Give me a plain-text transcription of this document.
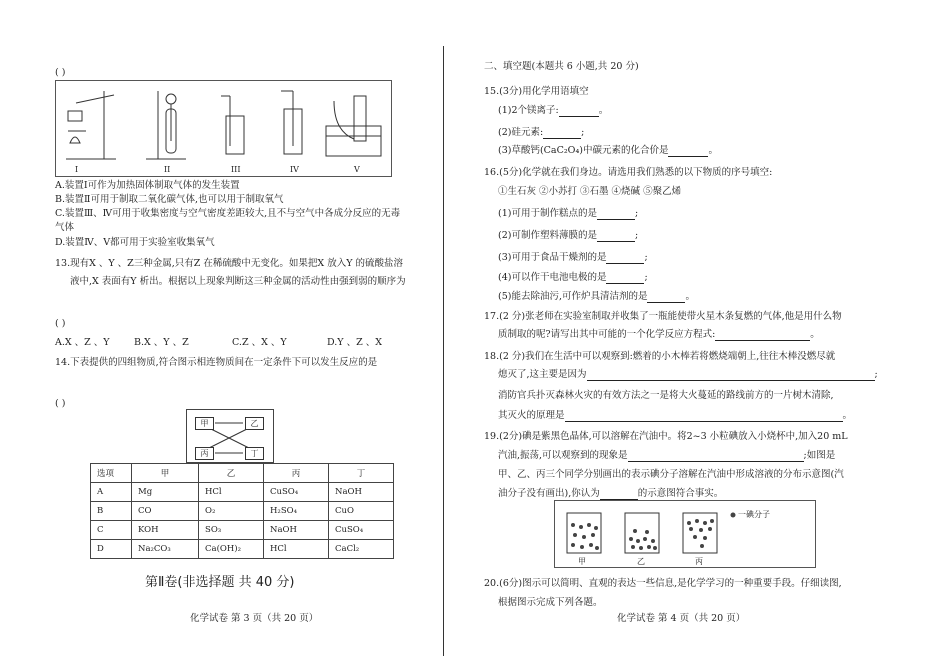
( )
I	II	III	IV	V
A.装置Ⅰ可作为加热固体制取气体的发生装置
B.装置Ⅱ可用于制取二氧化碳气体,也可以用于制取氧气
C.装置Ⅲ、Ⅳ可用于收集密度与空气密度差距较大,且不与空气中各成分反应的无毒
气体
D.装置Ⅳ、Ⅴ都可用于实验室收集氧气
13.现有X 、Y 、Z三种金属,只有Z 在稀硫酸中无变化。如果把X 放入Y 的硫酸盐溶
液中,X 表面有Y 析出。根据以上现象判断这三种金属的活动性由强到弱的顺序为
( )
A.X 、Z 、Y	B.X 、Y 、Z	C.Z 、X 、Y	D.Y 、Z 、X
14.下表提供的四组物质,符合图示相连物质间在一定条件下可以发生反应的是
( )
甲	乙
丙	丁
选项	甲	乙	丙	丁
A	Mg	HCl	CuSO₄	NaOH
B	CO	O₂	H₂SO₄	CuO
C	KOH	SO₃	NaOH	CuSO₄
D	Na₂CO₃	Ca(OH)₂	HCl	CaCl₂
第Ⅱ卷(非选择题 共 40 分)
化学试卷 第 3 页（共 20 页）
二、填空题(本题共 6 小题,共 20 分)
15.(3分)用化学用语填空
(1)2个镁离子:	。
(2)硅元素:	;
(3)草酸钙(CaC₂O₄)中碳元素的化合价是	。
16.(5分)化学就在我们身边。请选用我们熟悉的以下物质的序号填空:
①生石灰 ②小苏打 ③石墨 ④烧碱 ⑤聚乙烯
(1)可用于制作糕点的是	;
(2)可制作塑料薄膜的是	;
(3)可用于食品干燥剂的是	;
(4)可以作干电池电极的是	;
(5)能去除油污,可作炉具清洁剂的是	。
17.(2 分)张老师在实验室制取并收集了一瓶能使带火星木条复燃的气体,他是用什么物
质制取的呢?请写出其中可能的一个化学反应方程式:	。
18.(2 分)我们在生活中可以观察到:燃着的小木棒若将燃烧端朝上,往往木棒没燃尽就
熄灭了,这主要是因为	;
消防官兵扑灭森林火灾的有效方法之一是将大火蔓延的路线前方的一片树木清除,
其灭火的原理是	。
19.(2分)碘是紫黑色晶体,可以溶解在汽油中。将2~3 小粒碘放入小烧杯中,加入20 mL
汽油,振荡,可以观察到的现象是	;如图是
甲、乙、丙三个同学分别画出的表示碘分子溶解在汽油中形成溶液的分布示意图(汽
油分子没有画出),你认为	的示意图符合事实。
甲	乙	丙
一碘分子
20.(6分)图示可以简明、直观的表达一些信息,是化学学习的一种重要手段。仔细读图,
根据图示完成下列各题。
化学试卷 第 4 页（共 20 页）
